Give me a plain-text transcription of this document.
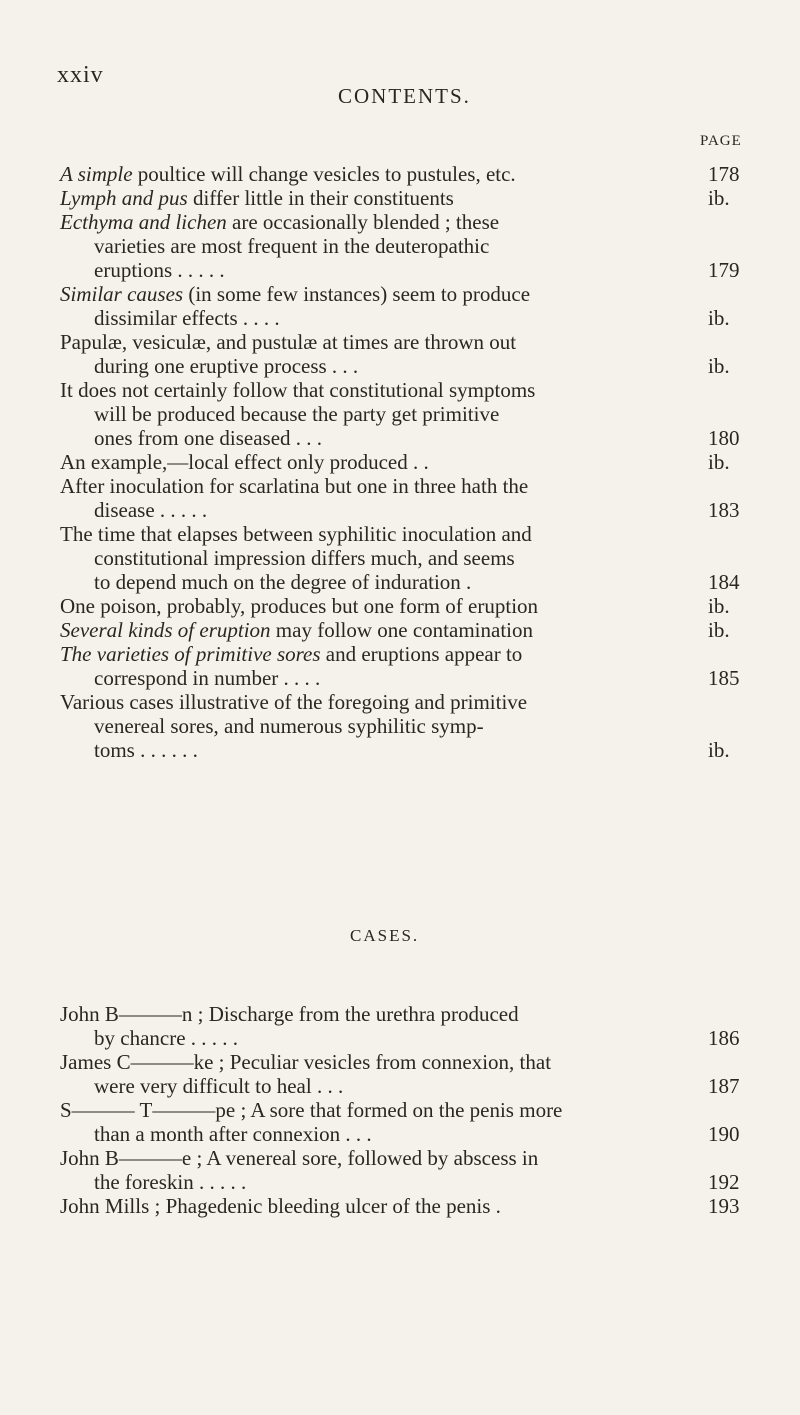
xxiv
CONTENTS.
PAGE
A simple poultice will change vesicles to pustules, etc.	178
Lymph and pus differ little in their constituents	ib.
Ecthyma and lichen are occasionally blended ; these
varieties are most frequent in the deuteropathic
eruptions . . . . .	179
Similar causes (in some few instances) seem to produce
dissimilar effects . . . .	ib.
Papulæ, vesiculæ, and pustulæ at times are thrown out
during one eruptive process . . .	ib.
It does not certainly follow that constitutional symptoms
will be produced because the party get primitive
ones from one diseased . . .	180
An example,—local effect only produced . .	ib.
After inoculation for scarlatina but one in three hath the
disease . . . . .	183
The time that elapses between syphilitic inoculation and
constitutional impression differs much, and seems
to depend much on the degree of induration .	184
One poison, probably, produces but one form of eruption	ib.
Several kinds of eruption may follow one contamination	ib.
The varieties of primitive sores and eruptions appear to
correspond in number . . . .	185
Various cases illustrative of the foregoing and primitive
venereal sores, and numerous syphilitic symp-
toms . . . . . .	ib.
CASES.
John B———n ; Discharge from the urethra produced
by chancre . . . . .	186
James C———ke ; Peculiar vesicles from connexion, that
were very difficult to heal . . .	187
S——— T———pe ; A sore that formed on the penis more
than a month after connexion . . .	190
John B———e ; A venereal sore, followed by abscess in
the foreskin . . . . .	192
John Mills ; Phagedenic bleeding ulcer of the penis .	193
